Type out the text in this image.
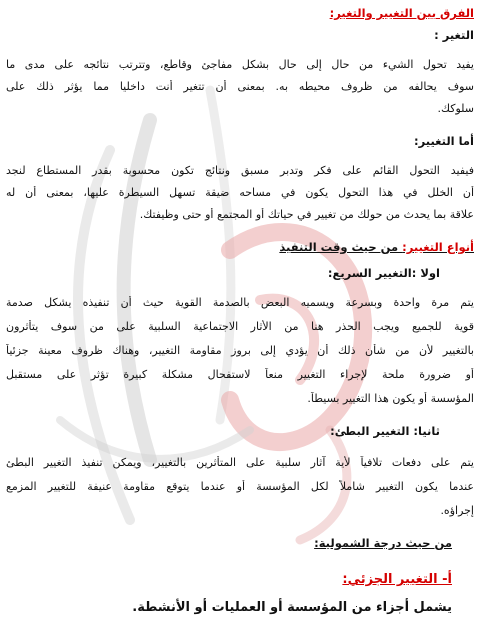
الفرق بين التغيير والتغير:
التغير :
يفيد تحول الشيء من حال إلى حال بشكل مفاجئ وقاطع، وتترتب نتائجه على مدى ما
سوف يحالفه من ظروف محيطه به. بمعنى أن تتغير أنت داخليا مما يؤثر ذلك على
سلوكك.
أما التغيير:
فيفيد التحول القائم على فكر وتدبر مسبق ونتائج تكون محسوبة بقدر المستطاع لنجد
أن الخلل في هذا التحول يكون في مساحه ضيقة تسهل السيطرة عليها، بمعنى أن له
علاقة بما يحدث من حولك من تغيير في حياتك أو المجتمع أو حتى وظيفتك.
أنواع التغيير: من حيث وقت التنفيذ
اولا :التغيير السريع:
يتم مرة واحدة وبسرعة ويسميه البعض بالصدمة القوية حيث أن تنفيذه يشكل صدمة
قوية للجميع ويجب الحذر هنا من الأثار الاجتماعية السلبية على من سوف يتأثرون
بالتغيير لأن من شأن ذلك أن يؤدي إلى بروز مقاومة التغيير، وهناك ظروف معينة جزئياً
أو ضرورة ملحة لإجراء التغيير منعاً لاستفحال مشكلة كبيرة تؤثر على مستقبل
المؤسسة أو يكون هذا التغيير بسيطاً.
ثانيا: التغيير البطئ:
يتم على دفعات تلافياً لأية آثار سلبية على المتأثرين بالتغيير، ويمكن تنفيذ التغيير البطئ
عندما يكون التغيير شاملاً لكل المؤسسة أو عندما يتوقع مقاومة عنيفة للتغيير المزمع
إجراؤه.
من حيث درجة الشمولية:
أ- التغيير الجزئي:
يشمل أجزاء من المؤسسة أو العمليات أو الأنشطة.
